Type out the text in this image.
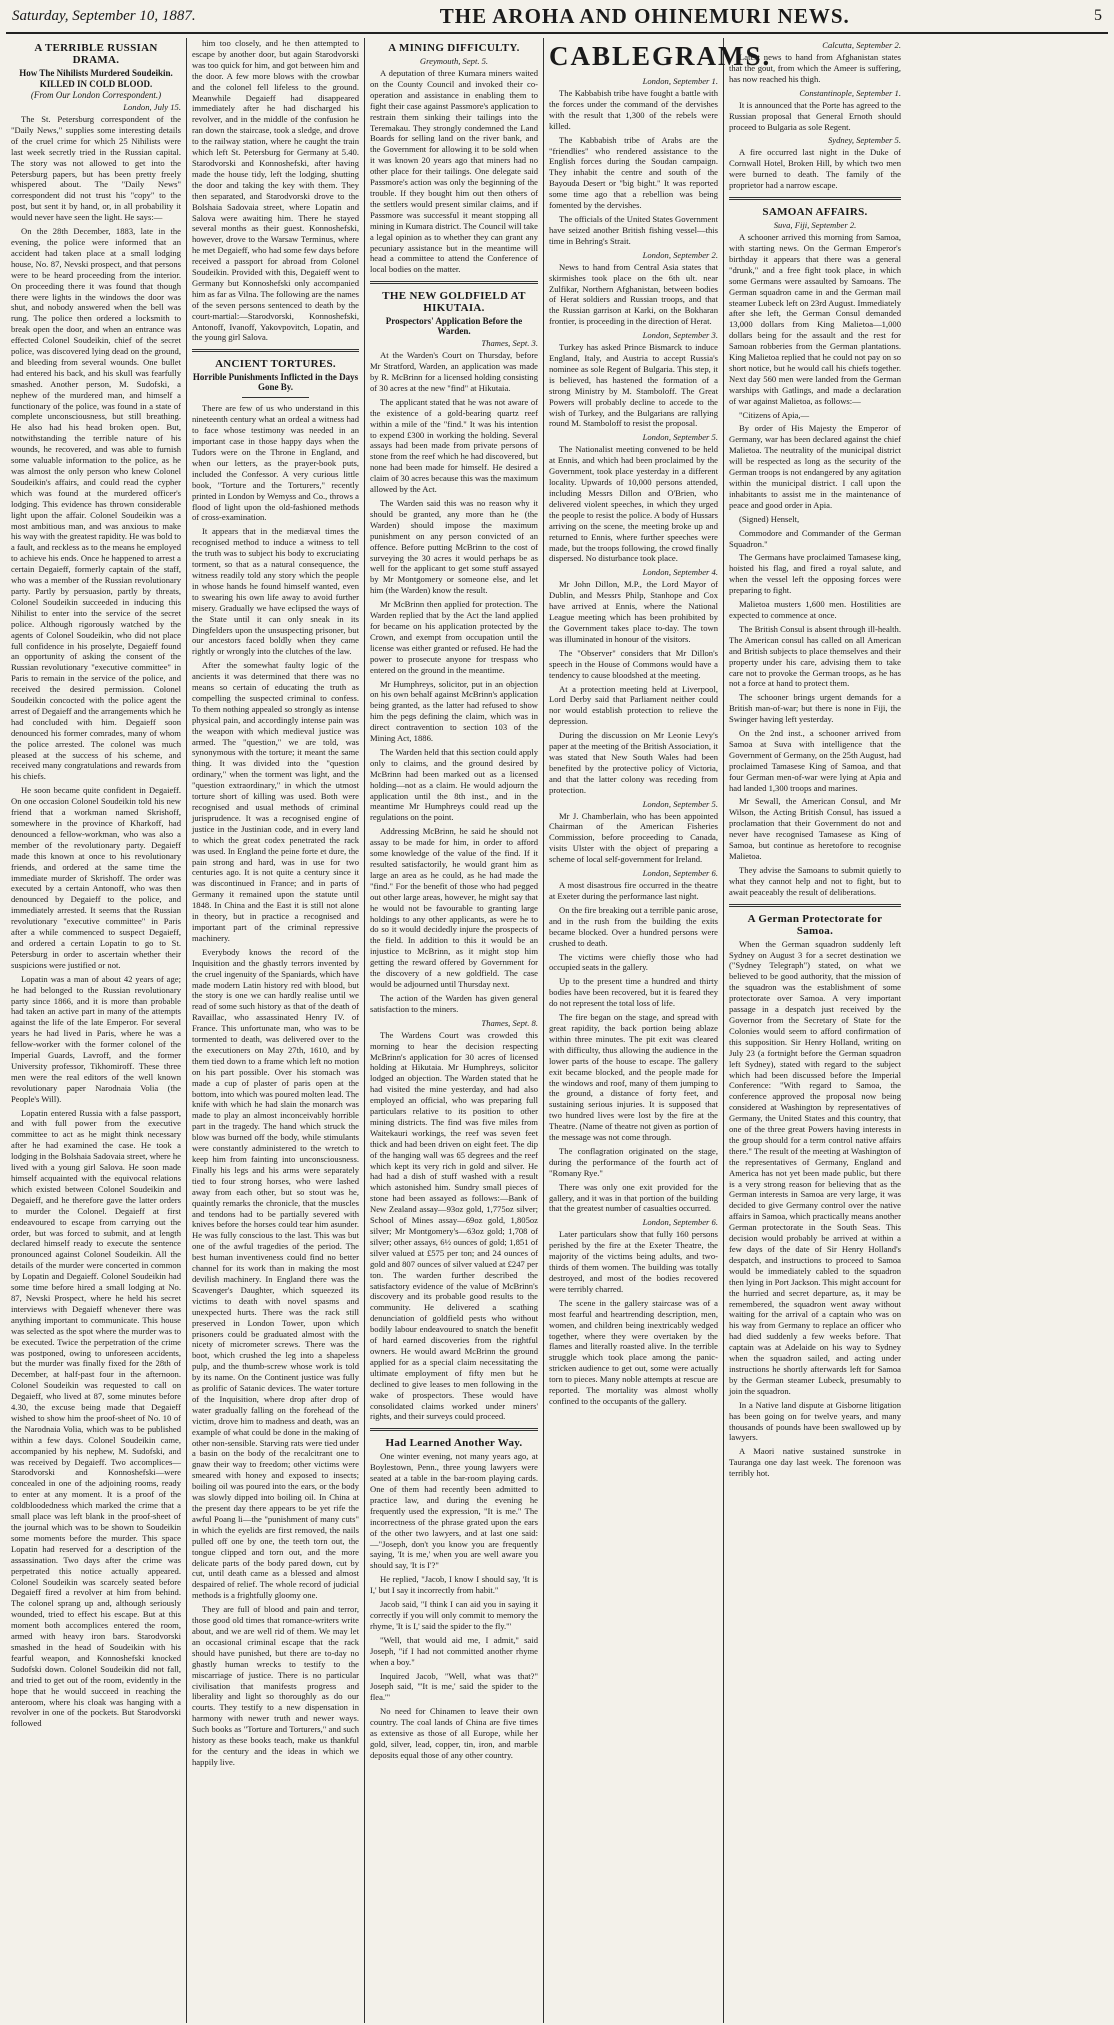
Saturday, September 10, 1887.	THE AROHA AND OHINEMURI NEWS.	5
A TERRIBLE RUSSIAN DRAMA.
How The Nihilists Murdered Soudeikin.
KILLED IN COLD BLOOD.
(From Our London Correspondent.)
London, July 15.

The St. Petersburg correspondent of the "Daily News," supplies some interesting details of the cruel crime for which 25 Nihilists were last week secretly tried in the Russian capital. The story was not allowed to get into the Petersburg papers, but has been pretty freely whispered about. The "Daily News" correspondent did not trust his "copy" to the post, but sent it by hand, or, in all probability it would never have seen the light. He says:—

On the 28th December, 1883, late in the evening, the police were informed that an accident had taken place at a small lodging house, No. 87, Nevski prospect, and that persons were to be heard proceeding from the interior. On proceeding there it was found that though there were lights in the windows the door was shut, and nobody answered when the bell was rung. The police then ordered a locksmith to break open the door, and when an entrance was effected Colonel Soudeikin, chief of the secret police, was discovered lying dead on the ground, and bleeding from several wounds. One bullet had entered his back, and his skull was fearfully smashed. Another person, M. Sudofski, a nephew of the murdered man, and himself a functionary of the police, was found in a state of complete unconsciousness, but still breathing. He also had his head broken open. But, notwithstanding the terrible nature of his wounds, he recovered, and was able to furnish some valuable information to the police, as he was almost the only person who knew Colonel Soudeikin's affairs, and could read the cypher which was found at the murdered officer's lodging. This evidence has thrown considerable light upon the affair. Colonel Soudeikin was a most ambitious man, and was anxious to make his way with the greatest rapidity. He was bold to a fault, and reckless as to the means he employed to achieve his ends. Once he happened to arrest a certain Degaieff, formerly captain of the staff, who was a member of the Russian revolutionary party. Partly by persuasion, partly by threats, Colonel Soudeikin succeeded in inducing this Nihilist to enter into the service of the secret police. Although rigorously watched by the agents of Colonel Soudeikin, who did not place full confidence in his proselyte, Degaieff found an opportunity of asking the consent of the Russian revolutionary "executive committee" in Paris to remain in the service of the police, and received the desired permission. Colonel Soudeikin concocted with the police agent the arrest of Degaieff and the arrangements which he had concluded with him. Degaieff soon denounced his former comrades, many of whom the police arrested. The colonel was much pleased at the success of his scheme, and received many congratulations and rewards from his chiefs.

He soon became quite confident in Degaieff. On one occasion Colonel Soudeikin told his new friend that a workman named Skrishoff, somewhere in the province of Kharkoff, had denounced a fellow-workman, who was also a member of the revolutionary party. Degaieff made this known at once to his revolutionary friends, and ordered at the same time the immediate murder of Skrishoff. The order was executed by a certain Antonoff, who was then denounced by Degaieff to the police, and immediately arrested. It seems that the Russian revolutionary "executive committee" in Paris after a while commenced to suspect Degaieff, and ordered a certain Lopatin to go to St. Petersburg in order to ascertain whether their suspicions were justified or not.

Lopatin was a man of about 42 years of age; he had belonged to the Russian revolutionary party since 1866, and it is more than probable had taken an active part in many of the attempts against the life of the late Emperor. For several years he had lived in Paris, where he was a fellow-worker with the former colonel of the Imperial Guards, Lavroff, and the former University professor, Tikhomiroff. These three men were the real editors of the well known revolutionary paper Narodnaia Volia (the People's Will).

Lopatin entered Russia with a false passport, and with full power from the executive committee to act as he might think necessary after he had examined the case. He took a lodging in the Bolshaia Sadovaia street, where he lived with a young girl Salova. He soon made himself acquainted with the equivocal relations which existed between Colonel Soudeikin and Degaieff, and he therefore gave the latter orders to murder the Colonel. Degaieff at first endeavoured to escape from carrying out the order, but was forced to submit, and at length declared himself ready to execute the sentence pronounced against Colonel Soudeikin. All the details of the murder were concerted in common by Lopatin and Degaieff. Colonel Soudeikin had some time before hired a small lodging at No. 87, Nevski Prospect, where he held his secret interviews with Degaieff whenever there was anything important to communicate. This house was selected as the spot where the murder was to be executed. Twice the perpetration of the crime was postponed, owing to unforeseen accidents, but the murder was finally fixed for the 28th of December, at half-past four in the afternoon. Colonel Soudeikin was requested to call on Degaieff, who lived at 87, some minutes before 4.30, the excuse being made that Degaieff wished to show him the proof-sheet of No. 10 of the Narodnaia Volia, which was to be published within a few days. Colonel Soudeikin came, accompanied by his nephew, M. Sudofski, and was received by Degaieff. Two accomplices—Starodvorski and Konnoshefski—were concealed in one of the adjoining rooms, ready to enter at any moment. It is a proof of the coldbloodedness which marked the crime that a small place was left blank in the proof-sheet of the journal which was to be shown to Soudeikin some moments before the murder. This space Lopatin had reserved for a description of the assassination. Two days after the crime was perpetrated this notice actually appeared. Colonel Soudeikin was scarcely seated before Degaieff fired a revolver at him from behind. The colonel sprang up and, although seriously wounded, tried to effect his escape. But at this moment both accomplices entered the room, armed with heavy iron bars. Starodvorski smashed in the head of Soudeikin with his fearful weapon, and Konnoshefski knocked Sudofski down. Colonel Soudeikin did not fall, and tried to get out of the room, evidently in the hope that he would succeed in reaching the anteroom, where his cloak was hanging with a revolver in one of the pockets. But Starodvorski followed

him too closely, and he then attempted to escape by another door, but again Starodvorski was too quick for him, and got between him and the door. A few more blows with the crowbar and the colonel fell lifeless to the ground. Meanwhile Degaieff had disappeared immediately after he had discharged his revolver, and in the middle of the confusion he ran down the staircase, took a sledge, and drove to the railway station, where he caught the train which left St. Petersburg for Germany at 5.40. Starodvorski and Konnoshefski, after having made the house tidy, left the lodging, shutting the door and taking the key with them. They then separated, and Starodvorski drove to the Bolshaia Sadovaia street, where Lopatin and Salova were awaiting him. There he stayed several months as their guest. Konnoshefski, however, drove to the Warsaw Terminus, where he met Degaieff, who had some few days before received a passport for abroad from Colonel Soudeikin. Provided with this, Degaieff went to Germany but Konnoshefski only accompanied him as far as Vilna. The following are the names of the seven persons sentenced to death by the court-martial:—Starodvorski, Konnoshefski, Antonoff, Ivanoff, Yakovpovitch, Lopatin, and the young girl Salova.

ANCIENT TORTURES.
Horrible Punishments Inflicted in the Days Gone By.

There are few of us who understand in this nineteenth century what an ordeal a witness had to face whose testimony was needed in an important case in those happy days when the Tudors were on the Throne in England, and when our letters, as the prayer-book puts, included the Confessor. A very curious little book, "Torture and the Torturers," recently printed in London by Wemyss and Co., throws a flood of light upon the old-fashioned methods of cross-examination.

It appears that in the mediæval times the recognised method to induce a witness to tell the truth was to subject his body to excruciating torment, so that as a natural consequence, the witness readily told any story which the people in whose hands he found himself wanted, even to swearing his own life away to avoid further misery. Gradually we have eclipsed the ways of the State until it can only sneak in its Dingfelders upon the unsuspecting prisoner, but our ancestors faced boldly when they came rightly or wrongly into the clutches of the law.

After the somewhat faulty logic of the ancients it was determined that there was no means so certain of educating the truth as compelling the suspected criminal to confess. To them nothing appealed so strongly as intense physical pain, and accordingly intense pain was the weapon with which medieval justice was armed. The "question," we are told, was synonymous with the torture; it meant the same thing. It was divided into the "question ordinary," when the torment was light, and the "question extraordinary," in which the utmost torture short of killing was used. Both were recognised and usual methods of criminal jurisprudence. It was a recognised engine of justice in the Justinian code, and in every land to which the great codex penetrated the rack was used. In England the peine forte et dure, the pain strong and hard, was in use for two centuries ago. It is not quite a century since it was discontinued in France; and in parts of Germany it remained upon the statute until 1848. In China and the East it is still not alone in theory, but in practice a recognised and important part of the criminal repressive machinery.

Everybody knows the record of the Inquisition and the ghastly terrors invented by the cruel ingenuity of the Spaniards, which have made modern Latin history red with blood, but the story is one we can hardly realise until we read of some such history as that of the death of Ravaillac, who assassinated Henry IV. of France. This unfortunate man, who was to be tormented to death, was delivered over to the the executioners on May 27th, 1610, and by them tied down to a frame which left no motion on his part possible. Over his stomach was made a cup of plaster of paris open at the bottom, into which was poured molten lead. The knife with which he had slain the monarch was made to play an almost inconceivably horrible part in the tragedy. The hand which struck the blow was burned off the body, while stimulants were constantly administered to the wretch to keep him from fainting into unconsciousness. Finally his legs and his arms were separately tied to four strong horses, who were lashed away from each other, but so stout was he, quaintly remarks the chronicle, that the muscles and tendons had to be partially severed with knives before the horses could tear him asunder. He was fully conscious to the last. This was but one of the awful tragedies of the period. The best human inventiveness could find no better channel for its work than in making the most devilish machinery. In England there was the Scavenger's Daughter, which squeezed its victims to death with novel spasms and unexpected hurts. There was the rack still preserved in London Tower, upon which prisoners could be graduated almost with the nicety of micrometer screws. There was the boot, which crushed the leg into a shapeless pulp, and the thumb-screw whose work is told by its name. On the Continent justice was fully as prolific of Satanic devices. The water torture of the Inquisition, where drop after drop of water gradually falling on the forehead of the victim, drove him to madness and death, was an example of what could be done in the making of other non-sensible. Starving rats were tied under a basin on the body of the recalcitrant one to gnaw their way to freedom; other victims were smeared with honey and exposed to insects; boiling oil was poured into the ears, or the body was slowly dipped into boiling oil. In China at the present day there appears to be yet rife the awful Poang li—the "punishment of many cuts" in which the eyelids are first removed, the nails pulled off one by one, the teeth torn out, the tongue clipped and torn out, and the more delicate parts of the body pared down, cut by cut, until death came as a blessed and almost despaired of relief. The whole record of judicial methods is a frightfully gloomy one.

They are full of blood and pain and terror, those good old times that romance-writers write about, and we are well rid of them. We may let an occasional criminal escape that the rack should have punished, but there are to-day no ghastly human wrecks to testify to the miscarriage of justice. There is no particular civilisation that manifests progress and liberality and light so thoroughly as do our courts. They testify to a new dispensation in harmony with newer truth and newer ways. Such books as "Torture and Torturers," and such history as these books teach, make us thankful for the century and the ideas in which we happily live.

A MINING DIFFICULTY.
Greymouth, Sept. 5.

A deputation of three Kumara miners waited on the County Council and invoked their co-operation and assistance in enabling them to fight their case against Passmore's application to restrain them sinking their tailings into the Teremakau. They strongly condemned the Land Boards for selling land on the river bank, and the Government for allowing it to be sold when it was known 20 years ago that miners had no other place for their tailings. One delegate said Passmore's action was only the beginning of the trouble. If they bought him out then others of the settlers would present similar claims, and if Passmore was successful it meant stopping all mining in Kumara district. The Council will take a legal opinion as to whether they can grant any pecuniary assistance but in the meantime will head a committee to attend the Conference of local bodies on the matter.

THE NEW GOLDFIELD AT HIKUTAIA.
Prospectors' Application Before the Warden.
Thames, Sept. 3.

At the Warden's Court on Thursday, before Mr Stratford, Warden, an application was made by R. McBrinn for a licensed holding consisting of 30 acres at the new "find" at Hikutaia.

The applicant stated that he was not aware of the existence of a gold-bearing quartz reef within a mile of the "find." It was his intention to expend £300 in working the holding. Several assays had been made from private persons of stone from the reef which he had discovered, but none had been made for himself. He desired a claim of 30 acres because this was the maximum allowed by the Act.

The Warden said this was no reason why it should be granted, any more than he (the Warden) should impose the maximum punishment on any person convicted of an offence. Before putting McBrinn to the cost of surveying the 30 acres it would perhaps be as well for the applicant to get some stuff assayed by Mr Montgomery or someone else, and let him (the Warden) know the result.

Mr McBrinn then applied for protection. The Warden replied that by the Act the land applied for became on his application protected by the Crown, and exempt from occupation until the license was either granted or refused. He had the power to prosecute anyone for trespass who entered on the ground in the meantime.

Mr Humphreys, solicitor, put in an objection on his own behalf against McBrinn's application being granted, as the latter had refused to show him the pegs defining the claim, which was in direct contravention to section 103 of the Mining Act, 1886.

The Warden held that this section could apply only to claims, and the ground desired by McBrinn had been marked out as a licensed holding—not as a claim. He would adjourn the application until the 8th inst., and in the meantime Mr Humphreys could read up the regulations on the point.

Addressing McBrinn, he said he should not assay to be made for him, in order to afford some knowledge of the value of the find. If it resulted satisfactorily, he would grant him as large an area as he could, as he had made the "find." For the benefit of those who had pegged out other large areas, however, he might say that he would not be favourable to granting large holdings to any other applicants, as were he to do so it would decidedly injure the prospects of the field. In addition to this it would be an injustice to McBrinn, as it might stop him getting the reward offered by Government for the discovery of a new goldfield. The case would be adjourned until Thursday next.

The action of the Warden has given general satisfaction to the miners.

Thames, Sept. 8.

The Wardens Court was crowded this morning to hear the decision respecting McBrinn's application for 30 acres of licensed holding at Hikutaia. Mr Humphreys, solicitor lodged an objection. The Warden stated that he had visited the mine yesterday, and had also employed an official, who was preparing full particulars relative to its position to other mining districts. The find was five miles from Waitekauri workings, the reef was seven feet thick and had been driven on eight feet. The dip of the hanging wall was 65 degrees and the reef which kept its very rich in gold and silver. He had had a dish of stuff washed with a result which astonished him. Sundry small pieces of stone had been assayed as follows:—Bank of New Zealand assay—93oz gold, 1,775oz silver; School of Mines assay—69oz gold, 1,805oz silver; Mr Montgomery's—63oz gold; 1,708 of silver; other assays, 6½ ounces of gold; 1,851 of silver valued at £575 per ton; and 24 ounces of gold and 807 ounces of silver valued at £247 per ton. The warden further described the satisfactory evidence of the value of McBrinn's discovery and its probable good results to the community. He delivered a scathing denunciation of goldfield pests who without bodily labour endeavoured to snatch the benefit of hard earned discoveries from the rightful owners. He would award McBrinn the ground applied for as a special claim necessitating the ultimate employment of fifty men but he declined to give leases to men following in the wake of prospectors. These would have consolidated claims worked under miners' rights, and their surveys could proceed.

Had Learned Another Way.

One winter evening, not many years ago, at Boylestown, Penn., three young lawyers were seated at a table in the bar-room playing cards. One of them had recently been admitted to practice law, and during the evening he frequently used the expression, "It is me." The incorrectness of the phrase grated upon the ears of the other two lawyers, and at last one said:—"Joseph, don't you know you are frequently saying, 'It is me,' when you are well aware you should say, 'It is I'?"

He replied, "Jacob, I know I should say, 'It is I,' but I say it incorrectly from habit."

Jacob said, "I think I can aid you in saying it correctly if you will only commit to memory the rhyme, 'It is I,' said the spider to the fly.'"

"Well, that would aid me, I admit," said Joseph, "if I had not committed another rhyme when a boy."

Inquired Jacob, "Well, what was that?" Joseph said, "'It is me,' said the spider to the flea.'"

No need for Chinamen to leave their own country. The coal lands of China are five times as extensive as those of all Europe, while her gold, silver, lead, copper, tin, iron, and marble deposits equal those of any other country.

CABLEGRAMS.
London, September 1.

The Kabbabish tribe have fought a battle with the forces under the command of the dervishes with the result that 1,300 of the rebels were killed.

The Kabbabish tribe of Arabs are the "friendlies" who rendered assistance to the English forces during the Soudan campaign. They inhabit the centre and south of the Bayouda Desert or "big bight." It was reported some time ago that a rebellion was being fomented by the dervishes.

The officials of the United States Government have seized another British fishing vessel—this time in Behring's Strait.

London, September 2.

News to hand from Central Asia states that skirmishes took place on the 6th ult. near Zulfikar, Northern Afghanistan, between bodies of Herat soldiers and Russian troops, and that the Russian garrison at Karki, on the Bokharan frontier, is proceeding in the direction of Herat.

London, September 3.

Turkey has asked Prince Bismarck to induce England, Italy, and Austria to accept Russia's nominee as sole Regent of Bulgaria. This step, it is believed, has hastened the formation of a strong Ministry by M. Stamboloff. The Great Powers will probably decline to accede to the wish of Turkey, and the Bulgarians are rallying round M. Stamboloff to resist the proposal.

London, September 5.

The Nationalist meeting convened to be held at Ennis, and which had been proclaimed by the Government, took place yesterday in a different locality. Upwards of 10,000 persons attended, including Messrs Dillon and O'Brien, who delivered violent speeches, in which they urged the people to resist the police. A body of Hussars arriving on the scene, the meeting broke up and returned to Ennis, where further speeches were made, but the troops following, the crowd finally dispersed. No disturbance took place.

London, September 4.

Mr John Dillon, M.P., the Lord Mayor of Dublin, and Messrs Philp, Stanhope and Cox have arrived at Ennis, where the National League meeting which has been prohibited by the Government takes place to-day. The town was illuminated in honour of the visitors.

The "Observer" considers that Mr Dillon's speech in the House of Commons would have a tendency to cause bloodshed at the meeting.

At a protection meeting held at Liverpool, Lord Derby said that Parliament neither could nor would establish protection to relieve the depression.

During the discussion on Mr Leonie Levy's paper at the meeting of the British Association, it was stated that New South Wales had been benefited by the protective policy of Victoria, and that the latter colony was receding from protection.

London, September 5.

Mr J. Chamberlain, who has been appointed Chairman of the American Fisheries Commission, before proceeding to Canada, visits Ulster with the object of preparing a scheme of local self-government for Ireland.

London, September 6.

A most disastrous fire occurred in the theatre at Exeter during the performance last night.

On the fire breaking out a terrible panic arose, and in the rush from the building the exits became blocked. Over a hundred persons were crushed to death.

The victims were chiefly those who had occupied seats in the gallery.

Up to the present time a hundred and thirty bodies have been recovered, but it is feared they do not represent the total loss of life.

The fire began on the stage, and spread with great rapidity, the back portion being ablaze within three minutes. The pit exit was cleared with difficulty, thus allowing the audience in the lower parts of the house to escape. The gallery exit became blocked, and the people made for the windows and roof, many of them jumping to the ground, a distance of forty feet, and sustaining serious injuries. It is supposed that two hundred lives were lost by the fire at the Theatre. (Name of theatre not given as portion of the message was not come through.

The conflagration originated on the stage, during the performance of the fourth act of "Romany Rye."

There was only one exit provided for the gallery, and it was in that portion of the building that the greatest number of casualties occurred.

London, September 6.

Later particulars show that fully 160 persons perished by the fire at the Exeter Theatre, the majority of the victims being adults, and two-thirds of them women. The building was totally destroyed, and most of the bodies recovered were terribly charred.

The scene in the gallery staircase was of a most fearful and heartrending description, men, women, and children being inextricably wedged together, where they were overtaken by the flames and literally roasted alive. In the terrible struggle which took place among the panic-stricken audience to get out, some were actually torn to pieces. Many noble attempts at rescue are reported. The mortality was almost wholly confined to the occupants of the gallery.

Calcutta, September 2.

Latest news to hand from Afghanistan states that the gout, from which the Ameer is suffering, has now reached his thigh.

Constantinople, September 1.

It is announced that the Porte has agreed to the Russian proposal that General Ernoth should proceed to Bulgaria as sole Regent.

Sydney, September 5.

A fire occurred last night in the Duke of Cornwall Hotel, Broken Hill, by which two men were burned to death. The family of the proprietor had a narrow escape.

SAMOAN AFFAIRS.
Suva, Fiji, September 2.

A schooner arrived this morning from Samoa, with starting news. On the German Emperor's birthday it appears that there was a general "drunk," and a free fight took place, in which some Germans were assaulted by Samoans. The German squadron came in and the German mail steamer Lubeck left on 23rd August. Immediately after she left, the German Consul demanded 13,000 dollars from King Malietoa—1,000 dollars being for the assault and the rest for Samoan robberies from the German plantations. King Malietoa replied that he could not pay on so short notice, but he would call his chiefs together. Next day 560 men were landed from the German warships with Gatlings, and made a declaration of war against Malietoa, as follows:—

"Citizens of Apia,—

By order of His Majesty the Emperor of Germany, war has been declared against the chief Malietoa. The neutrality of the municipal district will be respected as long as the security of the German troops is not endangered by any agitation within the municipal district. I call upon the inhabitants to assist me in the maintenance of peace and good order in Apia.

(Signed) Henselt,

Commodore and Commander of the German Squadron."

The Germans have proclaimed Tamasese king, hoisted his flag, and fired a royal salute, and when the vessel left the opposing forces were preparing to fight.

Malietoa musters 1,600 men. Hostilities are expected to commence at once.

The British Consul is absent through ill-health. The American consul has called on all American and British subjects to place themselves and their property under his care, advising them to take care not to provoke the German troops, as he has not a force at hand to protect them.

The schooner brings urgent demands for a British man-of-war; but there is none in Fiji, the Swinger having left yesterday.

On the 2nd inst., a schooner arrived from Samoa at Suva with intelligence that the Government of Germany, on the 25th August, had proclaimed Tamasese King of Samoa, and that four German men-of-war were lying at Apia and had landed 1,300 troops and marines.

Mr Sewall, the American Consul, and Mr Wilson, the Acting British Consul, has issued a proclamation that their Government do not and never have recognised Tamasese as King of Samoa, but continue as heretofore to recognise Malietoa.

They advise the Samoans to submit quietly to what they cannot help and not to fight, but to await peaceably the result of deliberations.

A German Protectorate for Samoa.

When the German squadron suddenly left Sydney on August 3 for a secret destination we ("Sydney Telegraph") stated, on what we believed to be good authority, that the mission of the squadron was the establishment of some protectorate over Samoa. A very important passage in a despatch just received by the Governor from the Secretary of State for the Colonies would seem to afford confirmation of this supposition. Sir Henry Holland, writing on July 23 (a fortnight before the German squadron left Sydney), stated with regard to the subject which had been discussed before the Imperial Conference: "With regard to Samoa, the conference approved the proposal now being considered at Washington by representatives of Germany, the United States and this country, that one of the three great Powers having interests in the group should for a term control native affairs there." The result of the meeting at Washington of the representatives of Germany, England and America has not yet been made public, but there is a very strong reason for believing that as the German interests in Samoa are very large, it was decided to give Germany control over the native affairs in Samoa, which practically means another German protectorate in the South Seas. This decision would probably be arrived at within a few days of the date of Sir Henry Holland's despatch, and instructions to proceed to Samoa would be immediately cabled to the squadron then lying in Port Jackson. This might account for the hurried and secret departure, as, it may be remembered, the squadron went away without waiting for the arrival of a captain who was on his way from Germany to replace an officer who had died suddenly a few weeks before. That captain was at Adelaide on his way to Sydney when the squadron sailed, and acting under instructions he shortly afterwards left for Samoa by the German steamer Lubeck, presumably to join the squadron.

In a Native land dispute at Gisborne litigation has been going on for twelve years, and many thousands of pounds have been swallowed up by lawyers.

A Maori native sustained sunstroke in Tauranga one day last week. The forenoon was terribly hot.
